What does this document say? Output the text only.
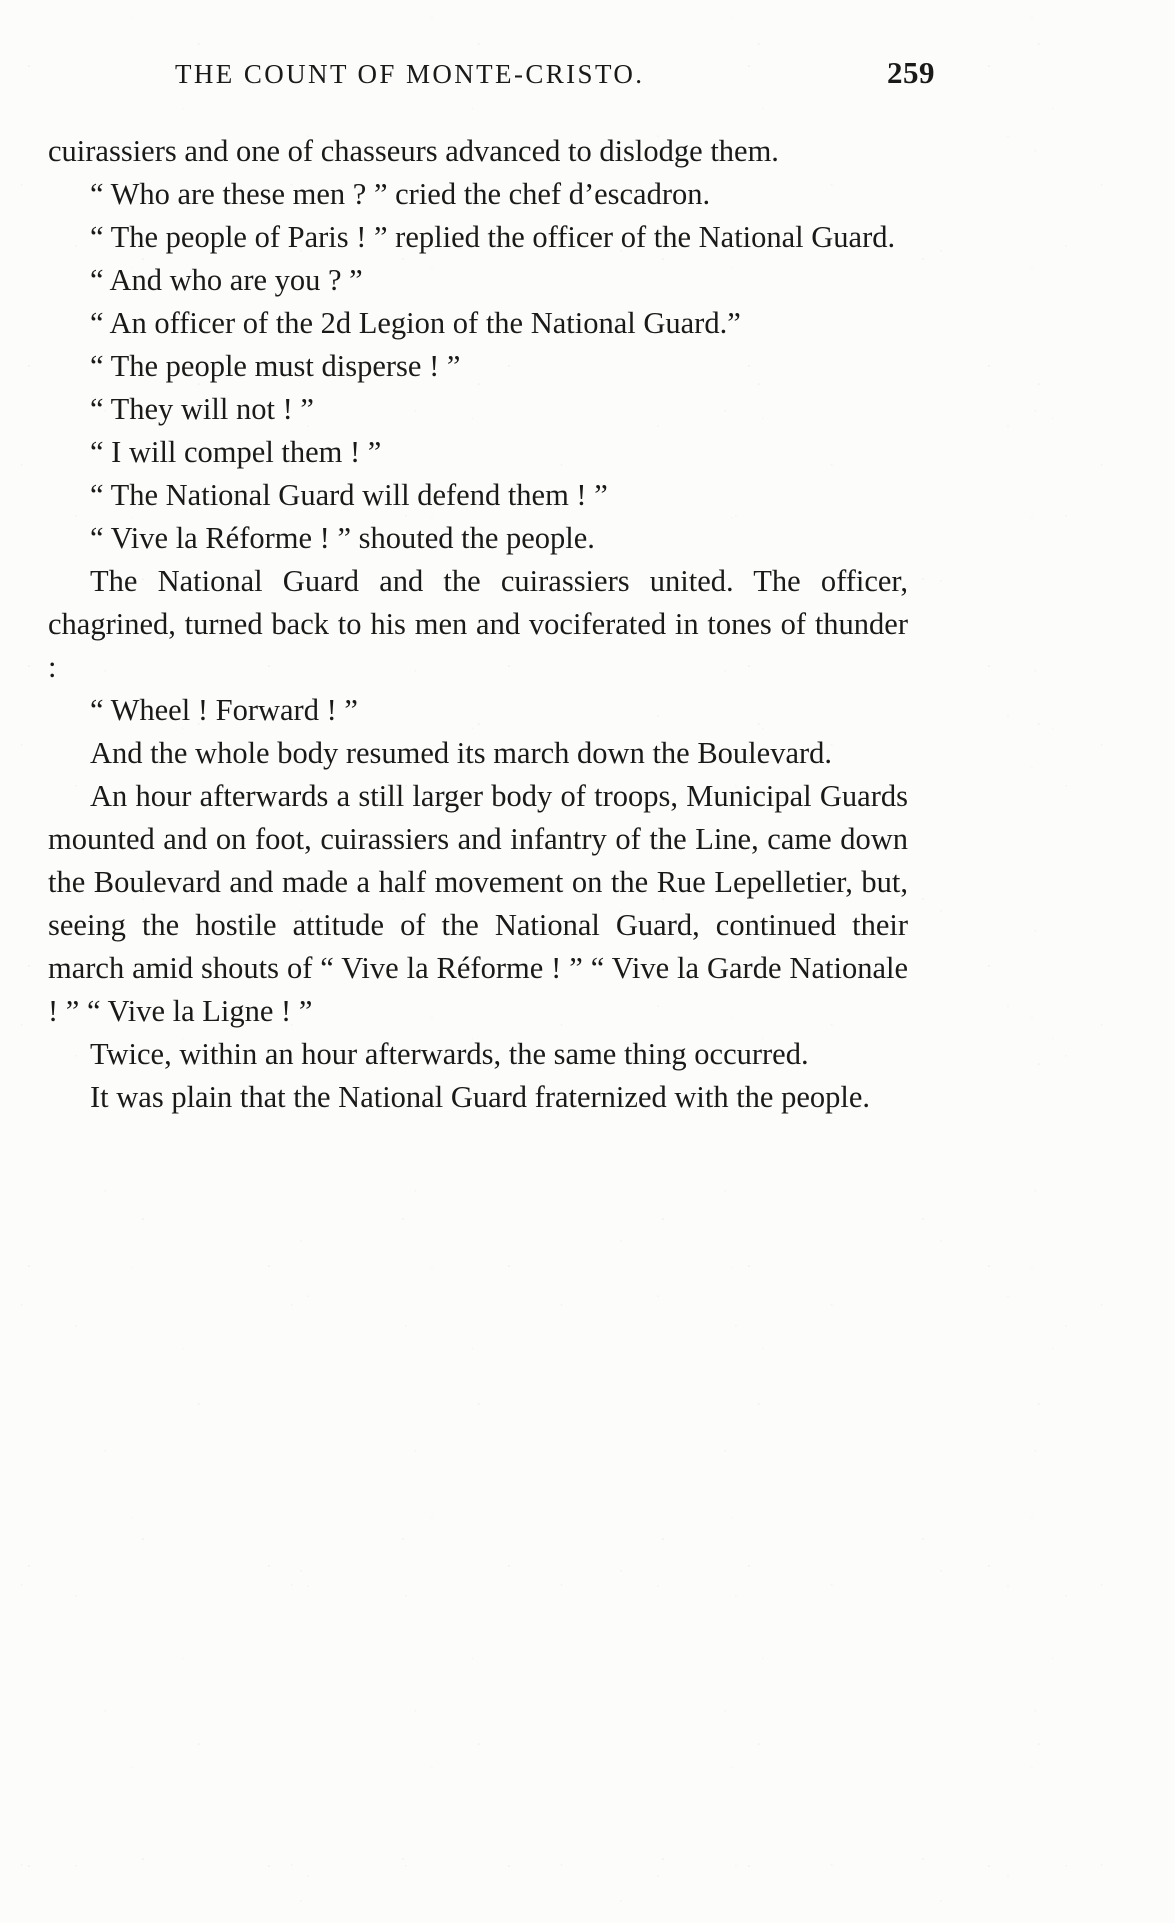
THE COUNT OF MONTE-CRISTO.	259

cuirassiers and one of chasseurs advanced to dislodge them.

“ Who are these men ? ” cried the chef d’escadron.

“ The people of Paris ! ” replied the officer of the National Guard.

“ And who are you ? ”

“ An officer of the 2d Legion of the National Guard.”

“ The people must disperse ! ”

“ They will not ! ”

“ I will compel them ! ”

“ The National Guard will defend them ! ”

“ Vive la Réforme ! ” shouted the people.

The National Guard and the cuirassiers united. The officer, chagrined, turned back to his men and vociferated in tones of thunder :

“ Wheel ! Forward ! ”

And the whole body resumed its march down the Boulevard.

An hour afterwards a still larger body of troops, Municipal Guards mounted and on foot, cuirassiers and infantry of the Line, came down the Boulevard and made a half movement on the Rue Lepelletier, but, seeing the hostile attitude of the National Guard, continued their march amid shouts of “ Vive la Réforme ! ” “ Vive la Garde Nationale ! ” “ Vive la Ligne ! ”

Twice, within an hour afterwards, the same thing occurred.

It was plain that the National Guard fraternized with the people.
